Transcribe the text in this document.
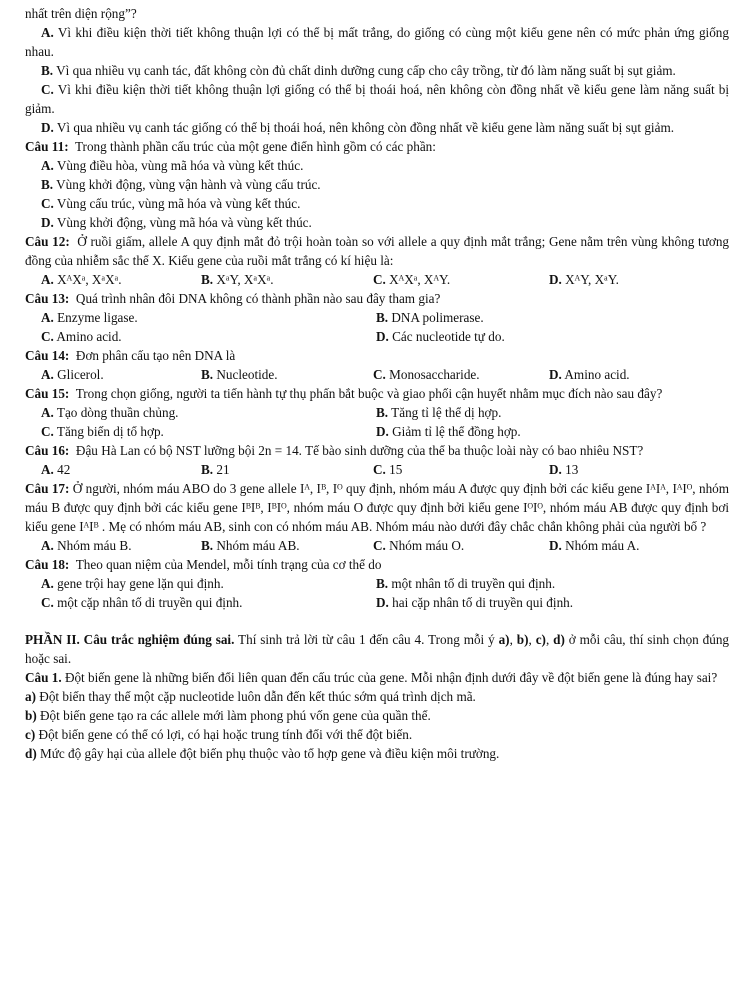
nhất trên diện rộng”?

A. Vì khi điều kiện thời tiết không thuận lợi có thể bị mất trắng, do giống có cùng một kiểu gene nên có mức phản ứng giống nhau.

B. Vì qua nhiều vụ canh tác, đất không còn đủ chất dinh dưỡng cung cấp cho cây trồng, từ đó làm năng suất bị sụt giảm.

C. Vì khi điều kiện thời tiết không thuận lợi giống có thể bị thoái hoá, nên không còn đồng nhất về kiểu gene làm năng suất bị giảm.

D. Vì qua nhiều vụ canh tác giống có thể bị thoái hoá, nên không còn đồng nhất về kiểu gene làm năng suất bị sụt giảm.

Câu 11: Trong thành phần cấu trúc của một gene điển hình gồm có các phần:

A. Vùng điều hòa, vùng mã hóa và vùng kết thúc.

B. Vùng khởi động, vùng vận hành và vùng cấu trúc.

C. Vùng cấu trúc, vùng mã hóa và vùng kết thúc.

D. Vùng khởi động, vùng mã hóa và vùng kết thúc.

Câu 12: Ở ruồi giấm, allele A quy định mắt đỏ trội hoàn toàn so với allele a quy định mắt trắng; Gene nằm trên vùng không tương đồng của nhiễm sắc thể X. Kiểu gene của ruồi mắt trắng có kí hiệu là:

A. XᴬXᵃ, XᵃXᵃ.	B. XᵃY, XᵃXᵃ.	C. XᴬXᵃ, XᴬY.	D. XᴬY, XᵃY.

Câu 13: Quá trình nhân đôi DNA không có thành phần nào sau đây tham gia?

A. Enzyme ligase.	B. DNA polimerase.
C. Amino acid.	D. Các nucleotide tự do.

Câu 14: Đơn phân cấu tạo nên DNA là

A. Glicerol.	B. Nucleotide.	C. Monosaccharide.	D. Amino acid.

Câu 15: Trong chọn giống, người ta tiến hành tự thụ phấn bắt buộc và giao phối cận huyết nhằm mục đích nào sau đây?

A. Tạo dòng thuần chủng.	B. Tăng tỉ lệ thể dị hợp.
C. Tăng biến dị tổ hợp.	D. Giảm tỉ lệ thể đồng hợp.

Câu 16: Đậu Hà Lan có bộ NST lưỡng bội 2n = 14. Tế bào sinh dưỡng của thể ba thuộc loài này có bao nhiêu NST?

A. 42	B. 21	C. 15	D. 13

Câu 17: Ở người, nhóm máu ABO do 3 gene allele Iᴬ, Iᴮ, Iᴼ quy định, nhóm máu A được quy định bởi các kiểu gene IᴬIᴬ, IᴬIᴼ, nhóm máu B được quy định bởi các kiểu gene IᴮIᴮ, IᴮIᴼ, nhóm máu O được quy định bởi kiểu gene IᴼIᴼ, nhóm máu AB được quy định bơi kiểu gene IᴬIᴮ . Mẹ có nhóm máu AB, sinh con có nhóm máu AB. Nhóm máu nào dưới đây chắc chắn không phải của người bố ?

A. Nhóm máu B.	B. Nhóm máu AB.	C. Nhóm máu O.	D. Nhóm máu A.

Câu 18: Theo quan niệm của Mendel, mỗi tính trạng của cơ thể do

A. gene trội hay gene lặn qui định.	B. một nhân tố di truyền qui định.
C. một cặp nhân tố di truyền qui định.	D. hai cặp nhân tố di truyền qui định.

PHẦN II. Câu trắc nghiệm đúng sai. Thí sinh trả lời từ câu 1 đến câu 4. Trong mỗi ý a), b), c), d) ở mỗi câu, thí sinh chọn đúng hoặc sai.

Câu 1. Đột biến gene là những biến đổi liên quan đến cấu trúc của gene. Mỗi nhận định dưới đây về đột biến gene là đúng hay sai?

a) Đột biến thay thế một cặp nucleotide luôn dẫn đến kết thúc sớm quá trình dịch mã.

b) Đột biến gene tạo ra các allele mới làm phong phú vốn gene của quần thể.

c) Đột biến gene có thể có lợi, có hại hoặc trung tính đối với thể đột biến.

d) Mức độ gây hại của allele đột biến phụ thuộc vào tổ hợp gene và điều kiện môi trường.
